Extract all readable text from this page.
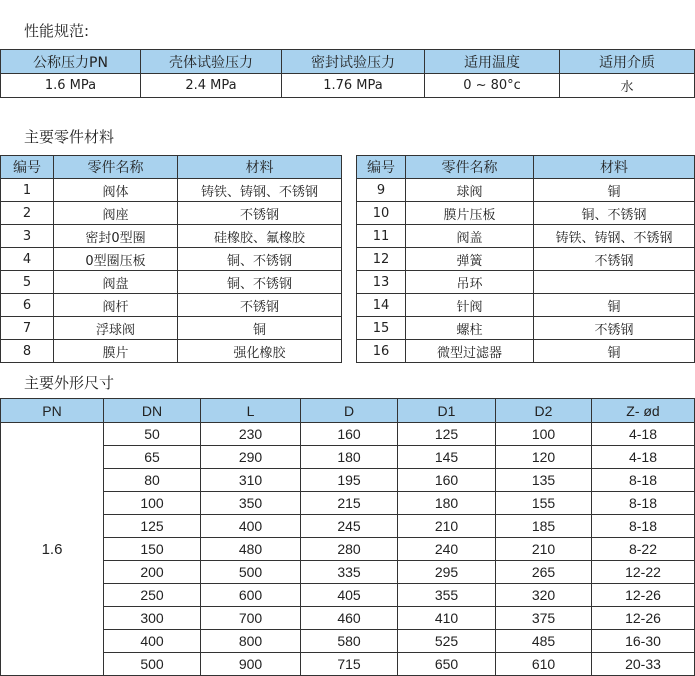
性能规范:
公称压力PN	壳体试验压力	密封试验压力	适用温度	适用介质
1.6 MPa	2.4 MPa	1.76 MPa	0 ~ 80°c	水
主要零件材料
编号	零件名称	材料
1	阀体	铸铁、铸钢、不锈钢
2	阀座	不锈钢
3	密封0型圈	硅橡胶、氟橡胶
4	0型圈压板	铜、不锈钢
5	阀盘	铜、不锈钢
6	阀杆	不锈钢
7	浮球阀	铜
8	膜片	强化橡胶
编号	零件名称	材料
9	球阀	铜
10	膜片压板	铜、不锈钢
11	阀盖	铸铁、铸钢、不锈钢
12	弹簧	不锈钢
13	吊环	
14	针阀	铜
15	螺柱	不锈钢
16	微型过滤器	铜
主要外形尺寸
PN	DN	L	D	D1	D2	Z- ød
1.6	50	230	160	125	100	4-18
	65	290	180	145	120	4-18
	80	310	195	160	135	8-18
	100	350	215	180	155	8-18
	125	400	245	210	185	8-18
	150	480	280	240	210	8-22
	200	500	335	295	265	12-22
	250	600	405	355	320	12-26
	300	700	460	410	375	12-26
	400	800	580	525	485	16-30
	500	900	715	650	610	20-33
